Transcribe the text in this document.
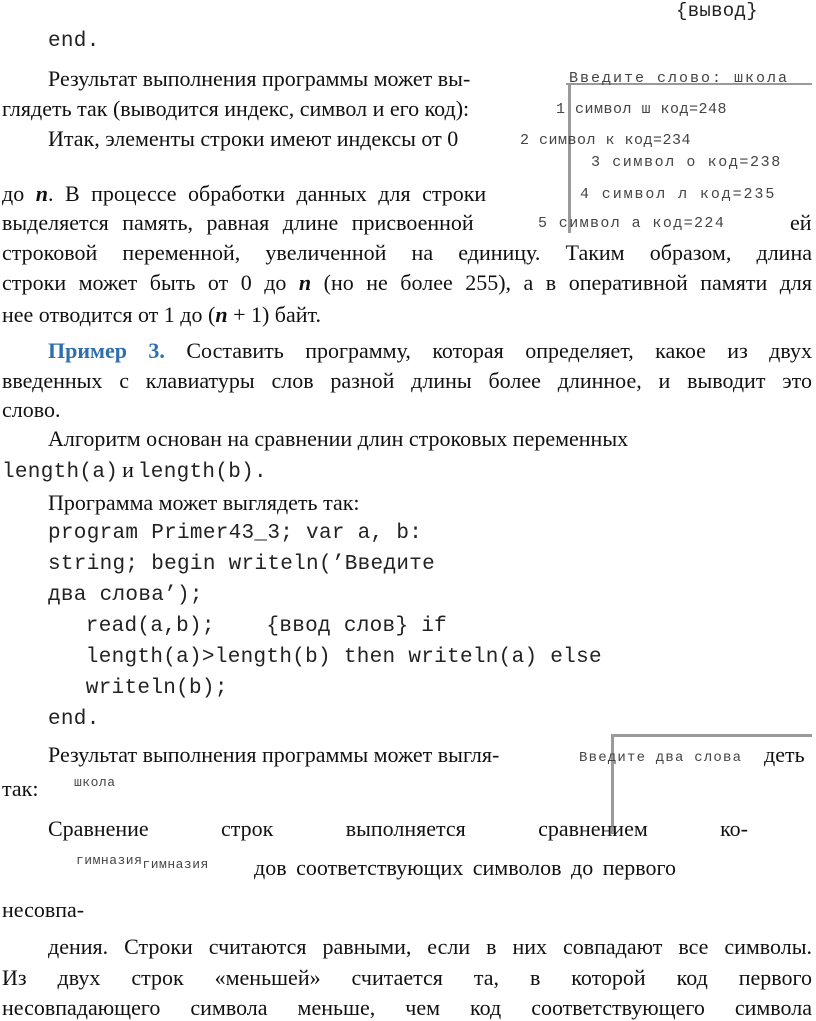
{вывод}
end.
Результат выполнения программы может вы-
глядеть так (выводится индекс, символ и его код):
Введите слово: школа
1 символ ш код=248
2 символ к код=234
3 символ о код=238
4 символ л код=235
5 символ а код=224
Итак, элементы строки имеют индексы от 0
до n. В процессе обработки данных для строки
выделяется память, равная длине присвоенной	ей
строковой переменной, увеличенной на единицу. Таким образом, длина
строки может быть от 0 до n (но не более 255), а в оперативной памяти для
нее отводится от 1 до (n + 1) байт.
Пример 3. Составить программу, которая определяет, какое из двух
введенных с клавиатуры слов разной длины более длинное, и выводит это
слово.
Алгоритм основан на сравнении длин строковых переменных
length(a) и length(b).
Программа может выглядеть так:
program Primer43_3; var a, b:
string; begin writeln(’Введите
два слова’);
read(a,b);    {ввод слов} if
length(a)>length(b) then writeln(a) else
writeln(b);
end.
Результат выполнения программы может выгля-	деть
так:
Введите два слова
школа
Сравнение	строк	выполняется	сравнением	ко-
гимназия$_{гимназия}$ дов соответствующих символов до первого
несовпа-
дения. Строки считаются равными, если в них совпадают все символы.
Из двух строк «меньшей» считается та, в которой код первого
несовпадающего символа меньше, чем код соответствующего символа
